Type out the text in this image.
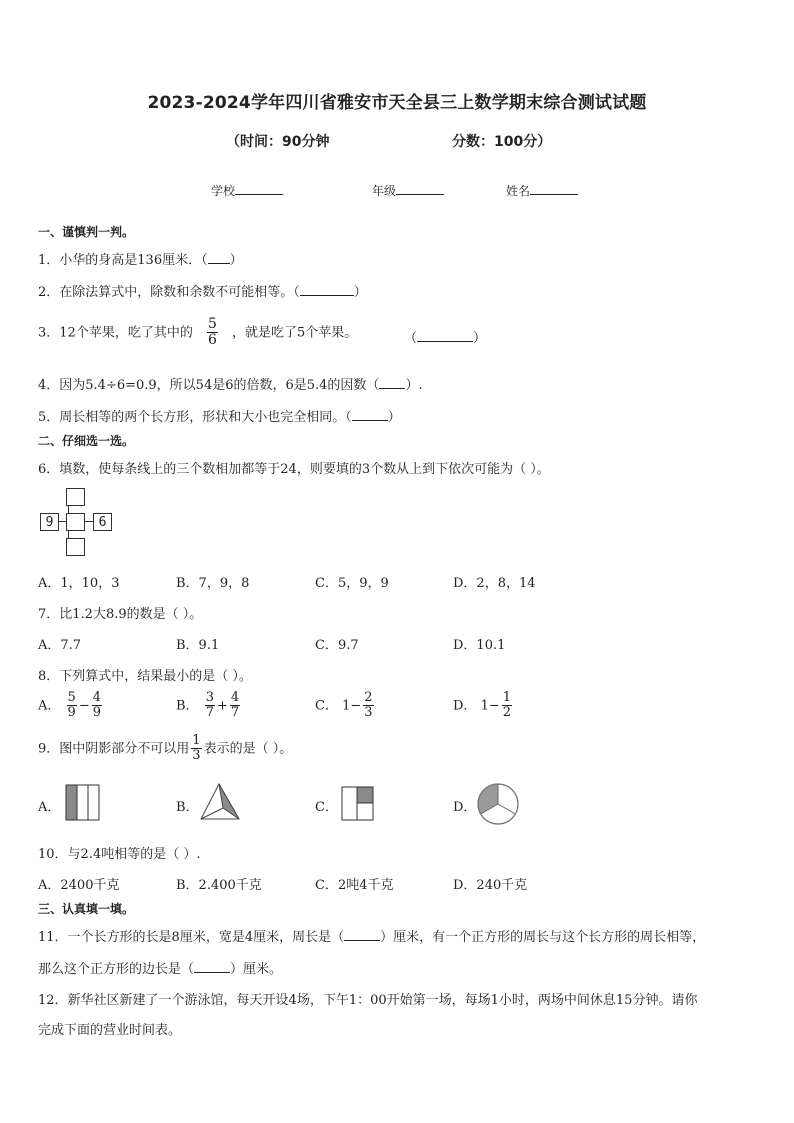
2023-2024学年四川省雅安市天全县三上数学期末综合测试试题
（时间：90分钟	分数：100分）
学校	年级	姓名
一、谨慎判一判。
1．小华的身高是136厘米．（ ）
2．在除法算式中，除数和余数不可能相等。（	）
3．12个苹果，吃了其中的 $\frac{5}{6}$ ，就是吃了5个苹果。	（	）
4．因为5.4÷6=0.9，所以54是6的倍数，6是5.4的因数（ ）.
5．周长相等的两个长方形，形状和大小也完全相同。（	）
二、仔细选一选。
6．填数，使每条线上的三个数相加都等于24，则要填的3个数从上到下依次可能为（ ）。
9	6
A．1，10，3	B．7，9，8	C．5，9，9	D．2，8，14
7．比1.2大8.9的数是（ ）。
A．7.7	B．9.1	C．9.7	D．10.1
8．下列算式中，结果最小的是（ ）。
A． $\frac{5}{9} - \frac{4}{9}$	B． $\frac{3}{7} + \frac{4}{7}$	C． $1- \frac{2}{3}$	D． $1- \frac{1}{2}$
9．图中阴影部分不可以用 $\frac{1}{3}$ 表示的是（ ）。
A．	B．	C．	D．
10．与2.4吨相等的是（ ）.
A．2400千克	B．2.400千克	C．2吨4千克	D．240千克
三、认真填一填。
11．一个长方形的长是8厘米，宽是4厘米，周长是（	）厘米，有一个正方形的周长与这个长方形的周长相等，
那么这个正方形的边长是（	）厘米。
12．新华社区新建了一个游泳馆，每天开设4场，下午1：00开始第一场，每场1小时，两场中间休息15分钟。请你
完成下面的营业时间表。
